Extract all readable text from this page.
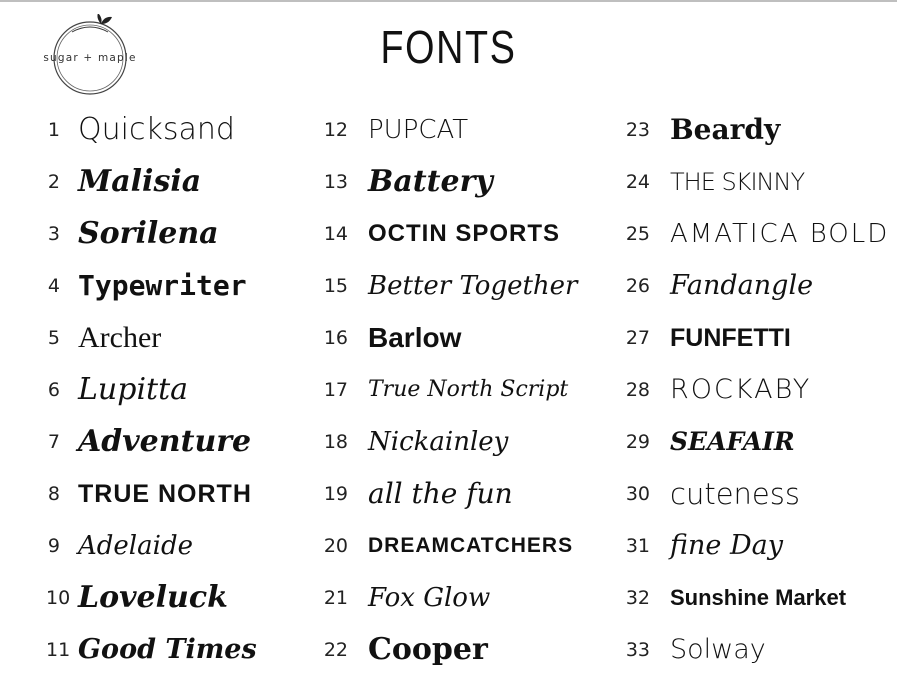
sugar + maple	FONTS
1 Quicksand
2 Malisia
3 Sorilena
4 Typewriter
5 Archer
6 Lupitta
7 Adventure
8 TRUE NORTH
9 Adelaide
10 Loveluck
11 Good Times
12 PUPCAT
13 Battery
14 OCTIN SPORTS
15 Better Together
16 Barlow
17 True North Script
18 Nickainley
19 all the fun
20 DREAMCATCHERS
21 Fox Glow
22 Cooper
23 Beardy
24 THE SKINNY
25 AMATICA BOLD
26 Fandangle
27 FUNFETTI
28 ROCKABY
29 SEAFAIR
30 cuteness
31 fine Day
32 Sunshine Market
33 Solway
